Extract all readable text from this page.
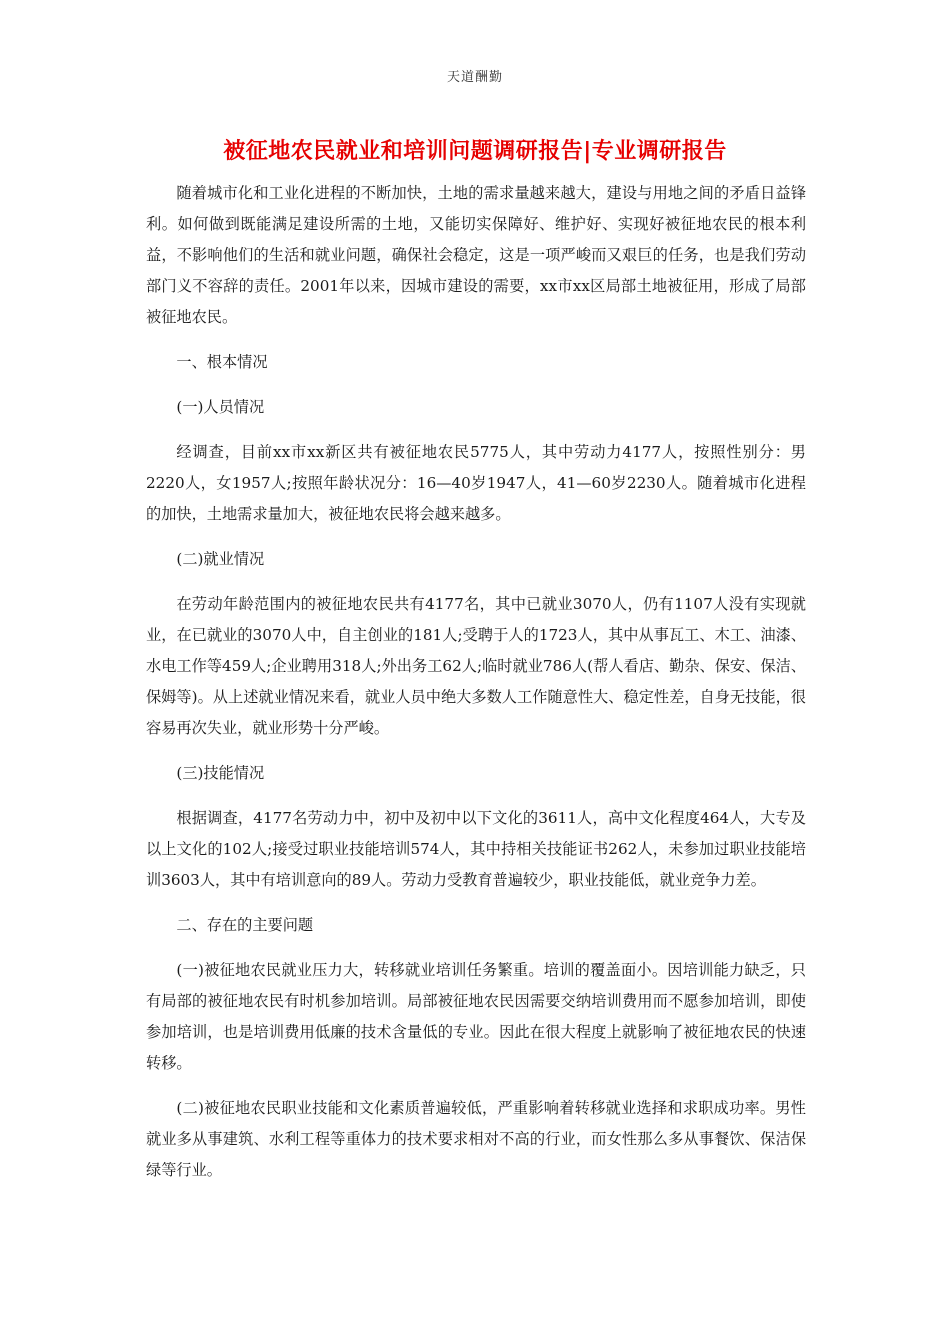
天道酬勤
被征地农民就业和培训问题调研报告|专业调研报告

随着城市化和工业化进程的不断加快，土地的需求量越来越大，建设与用地之间的矛盾日益锋利。如何做到既能满足建设所需的土地，又能切实保障好、维护好、实现好被征地农民的根本利益，不影响他们的生活和就业问题，确保社会稳定，这是一项严峻而又艰巨的任务，也是我们劳动部门义不容辞的责任。2001年以来，因城市建设的需要，xx市xx区局部土地被征用，形成了局部被征地农民。

一、根本情况

(一)人员情况

经调查，目前xx市xx新区共有被征地农民5775人，其中劳动力4177人，按照性别分：男2220人，女1957人;按照年龄状况分：16—40岁1947人，41—60岁2230人。随着城市化进程的加快，土地需求量加大，被征地农民将会越来越多。

(二)就业情况

在劳动年龄范围内的被征地农民共有4177名，其中已就业3070人，仍有1107人没有实现就业，在已就业的3070人中，自主创业的181人;受聘于人的1723人，其中从事瓦工、木工、油漆、水电工作等459人;企业聘用318人;外出务工62人;临时就业786人(帮人看店、勤杂、保安、保洁、保姆等)。从上述就业情况来看，就业人员中绝大多数人工作随意性大、稳定性差，自身无技能，很容易再次失业，就业形势十分严峻。

(三)技能情况

根据调查，4177名劳动力中，初中及初中以下文化的3611人，高中文化程度464人，大专及以上文化的102人;接受过职业技能培训574人，其中持相关技能证书262人，未参加过职业技能培训3603人，其中有培训意向的89人。劳动力受教育普遍较少，职业技能低，就业竞争力差。

二、存在的主要问题

(一)被征地农民就业压力大，转移就业培训任务繁重。培训的覆盖面小。因培训能力缺乏，只有局部的被征地农民有时机参加培训。局部被征地农民因需要交纳培训费用而不愿参加培训，即使参加培训，也是培训费用低廉的技术含量低的专业。因此在很大程度上就影响了被征地农民的快速转移。

(二)被征地农民职业技能和文化素质普遍较低，严重影响着转移就业选择和求职成功率。男性就业多从事建筑、水利工程等重体力的技术要求相对不高的行业，而女性那么多从事餐饮、保洁保绿等行业。
